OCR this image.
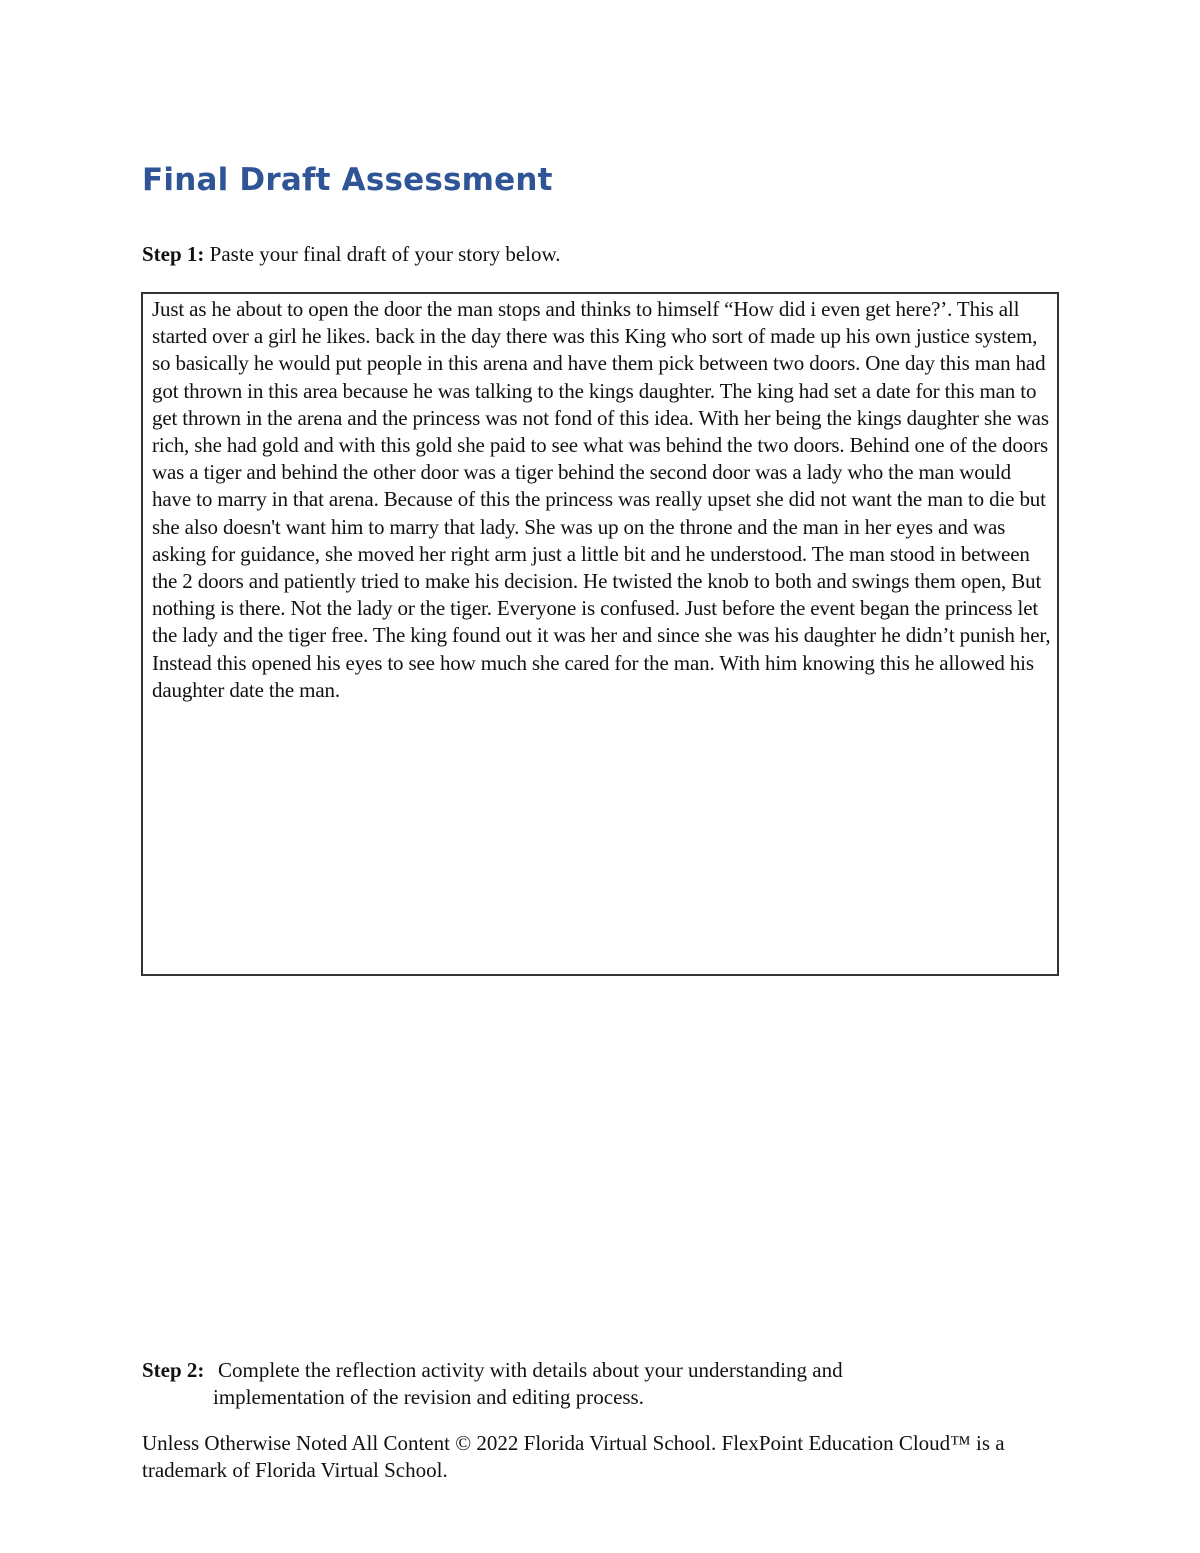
Final Draft Assessment
Step 1: Paste your final draft of your story below.

Just as he about to open the door the man stops and thinks to himself “How did i even get here?’. This all started over a girl he likes. back in the day there was this King who sort of made up his own justice system, so basically he would put people in this arena and have them pick between two doors. One day this man had got thrown in this area because he was talking to the kings daughter. The king had set a date for this man to get thrown in the arena and the princess was not fond of this idea. With her being the kings daughter she was rich, she had gold and with this gold she paid to see what was behind the two doors. Behind one of the doors was a tiger and behind the other door was a tiger behind the second door was a lady who the man would have to marry in that arena. Because of this the princess was really upset she did not want the man to die but she also doesn't want him to marry that lady. She was up on the throne and the man in her eyes and was asking for guidance, she moved her right arm just a little bit and he understood. The man stood in between the 2 doors and patiently tried to make his decision. He twisted the knob to both and swings them open, But nothing is there. Not the lady or the tiger. Everyone is confused. Just before the event began the princess let the lady and the tiger free. The king found out it was her and since she was his daughter he didn’t punish her, Instead this opened his eyes to see how much she cared for the man. With him knowing this he allowed his daughter date the man.

Step 2: Complete the reflection activity with details about your understanding and
implementation of the revision and editing process.

Unless Otherwise Noted All Content © 2022 Florida Virtual School. FlexPoint Education Cloud™ is a trademark of Florida Virtual School.
